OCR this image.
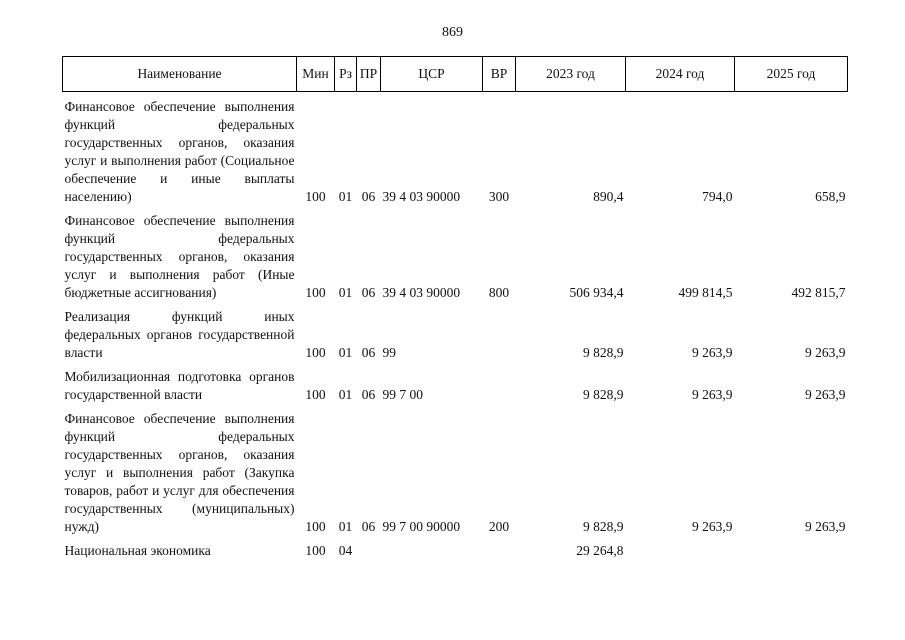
869
Наименование	Мин	Рз	ПР	ЦСР	ВР	2023 год	2024 год	2025 год
Финансовое обеспечение выполнения функций федеральных государственных органов, оказания услуг и выполнения работ (Социальное обеспечение и иные выплаты населению)	100	01	06	39 4 03 90000	300	890,4	794,0	658,9
Финансовое обеспечение выполнения функций федеральных государственных органов, оказания услуг и выполнения работ (Иные бюджетные ассигнования)	100	01	06	39 4 03 90000	800	506 934,4	499 814,5	492 815,7
Реализация функций иных федеральных органов государственной власти	100	01	06	99		9 828,9	9 263,9	9 263,9
Мобилизационная подготовка органов государственной власти	100	01	06	99 7 00		9 828,9	9 263,9	9 263,9
Финансовое обеспечение выполнения функций федеральных государственных органов, оказания услуг и выполнения работ (Закупка товаров, работ и услуг для обеспечения государственных (муниципальных) нужд)	100	01	06	99 7 00 90000	200	9 828,9	9 263,9	9 263,9
Национальная экономика	100	04				29 264,8		
